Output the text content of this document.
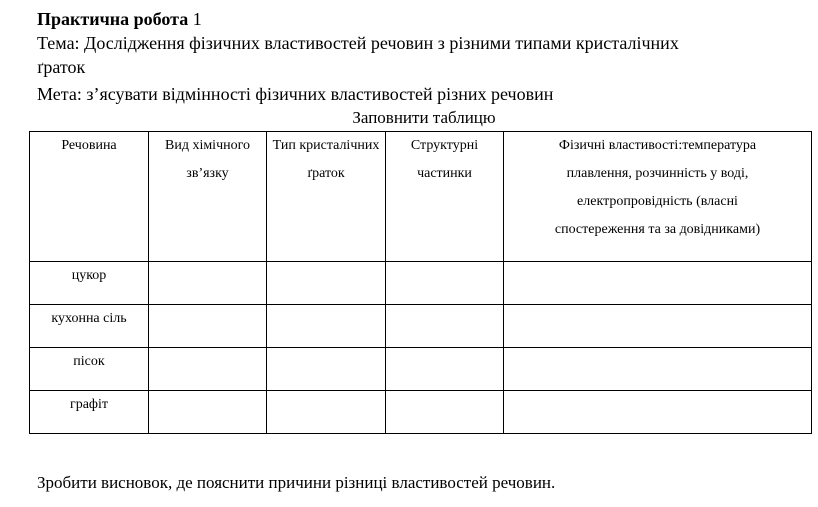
Практична робота 1
Тема: Дослідження фізичних властивостей речовин з різними типами кристалічних
ґраток
Мета: з’ясувати відмінності фізичних властивостей різних речовин
Заповнити таблицю
Речовина	Вид хімічного зв’язку	Тип кристалічних ґраток	Структурні частинки	Фізичні властивості:температура плавлення, розчинність у воді, електропровідність (власні спостереження та за довідниками)

цукор				
кухонна сіль				
пісок				
графіт				
Зробити висновок, де пояснити причини різниці властивостей речовин.
